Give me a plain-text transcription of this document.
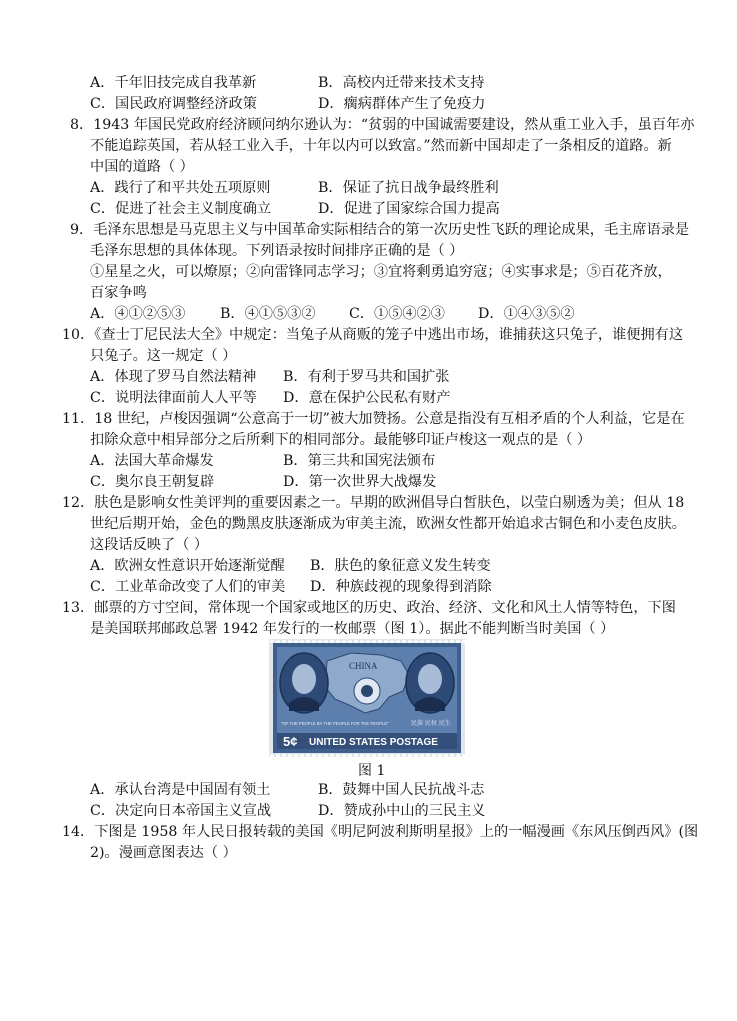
A．千年旧技完成自我革新	B．高校内迁带来技术支持
C．国民政府调整经济政策	D．瘸病群体产生了免疫力
8．1943 年国民党政府经济顾问纳尔逊认为：“贫弱的中国诚需要建设，然从重工业入手，虽百年亦
不能追踪英国，若从轻工业入手，十年以内可以致富。”然而新中国却走了一条相反的道路。新
中国的道路（ ）
A．践行了和平共处五项原则	B．保证了抗日战争最终胜利
C．促进了社会主义制度确立	D．促进了国家综合国力提高
9．毛泽东思想是马克思主义与中国革命实际相结合的第一次历史性飞跃的理论成果，毛主席语录是
毛泽东思想的具体体现。下列语录按时间排序正确的是（ ）
①星星之火，可以燎原；②向雷锋同志学习；③宜将剩勇追穷寇；④实事求是；⑤百花齐放，
百家争鸣
A．④①②⑤③ B．④①⑤③② C．①⑤④②③ D．①④③⑤②
10．《查士丁尼民法大全》中规定：当兔子从商贩的笼子中逃出市场，谁捕获这只兔子，谁便拥有这
只兔子。这一规定（ ）
A．体现了罗马自然法精神 B．有利于罗马共和国扩张
C．说明法律面前人人平等 D．意在保护公民私有财产
11．18 世纪，卢梭因强调“公意高于一切”被大加赞扬。公意是指没有互相矛盾的个人利益，它是在
扣除众意中相异部分之后所剩下的相同部分。最能够印证卢梭这一观点的是（ ）
A．法国大革命爆发	B．第三共和国宪法颁布
C．奥尔良王朝复辟	D．第一次世界大战爆发
12．肤色是影响女性美评判的重要因素之一。早期的欧洲倡导白皙肤色，以莹白剔透为美；但从 18
世纪后期开始，金色的黝黑皮肤逐渐成为审美主流，欧洲女性都开始追求古铜色和小麦色皮肤。
这段话反映了（ ）
A．欧洲女性意识开始逐渐觉醒 B．肤色的象征意义发生转变
C．工业革命改变了人们的审美 D．种族歧视的现象得到消除
13．邮票的方寸空间，常体现一个国家或地区的历史、政治、经济、文化和风土人情等特色，下图
是美国联邦邮政总署 1942 年发行的一枚邮票（图 1）。据此不能判断当时美国（ ）
CHINA
"OF THE PEOPLE BY THE PEOPLE FOR THE PEOPLE"	民族 民权 民生
5¢ UNITED STATES POSTAGE
图 1
A．承认台湾是中国固有领土	B．鼓舞中国人民抗战斗志
C．决定向日本帝国主义宣战	D．赞成孙中山的三民主义
14．下图是 1958 年人民日报转载的美国《明尼阿波利斯明星报》上的一幅漫画《东风压倒西风》(图
2)。漫画意图表达（ ）
